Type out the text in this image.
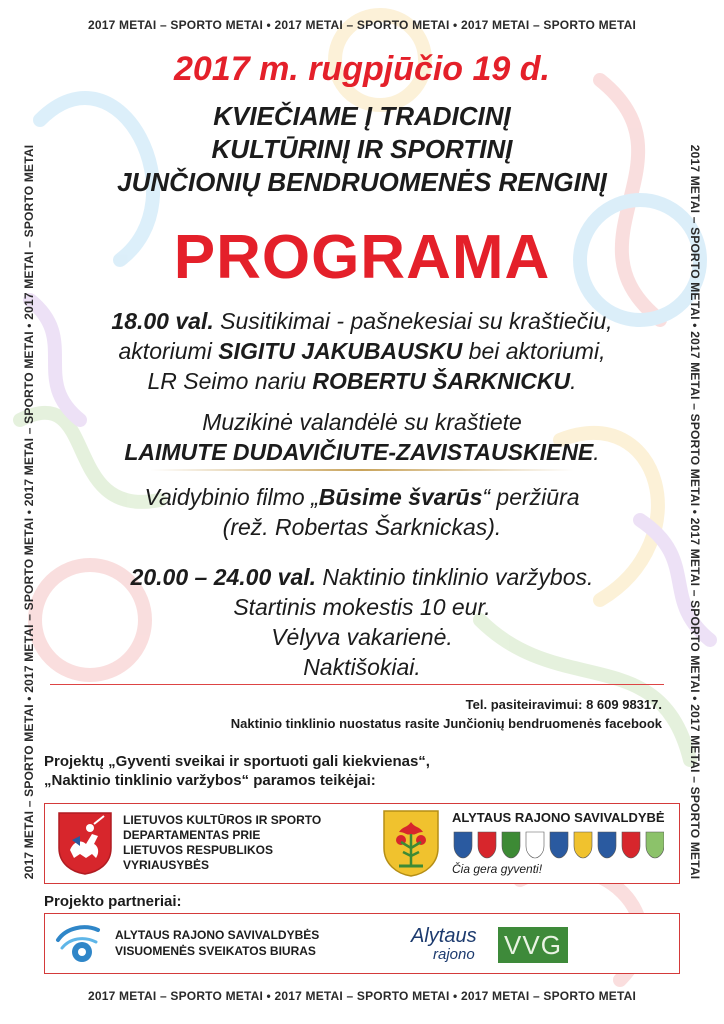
2017 METAI – SPORTO METAI • 2017 METAI – SPORTO METAI • 2017 METAI – SPORTO METAI
2017 METAI – SPORTO METAI • 2017 METAI – SPORTO METAI • 2017 METAI – SPORTO METAI
2017 METAI – SPORTO METAI • 2017 METAI – SPORTO METAI • 2017 METAI – SPORTO METAI • 2017 METAI – SPORTO METAI	2017 METAI – SPORTO METAI • 2017 METAI – SPORTO METAI • 2017 METAI – SPORTO METAI • 2017 METAI – SPORTO METAI
2017 m. rugpjūčio 19 d.
KVIEČIAME Į TRADICINĮ
KULTŪRINĮ IR SPORTINĮ
JUNČIONIŲ BENDRUOMENĖS RENGINĮ
PROGRAMA
18.00 val. Susitikimai - pašnekesiai su kraštiečiu,
aktoriumi SIGITU JAKUBAUSKU bei aktoriumi,
LR Seimo nariu ROBERTU ŠARKNICKU.
Muzikinė valandėlė su kraštiete
LAIMUTE DUDAVIČIUTE-ZAVISTAUSKIENE.
Vaidybinio filmo „Būsime švarūs“ peržiūra
(rež. Robertas Šarknickas).
20.00 – 24.00 val. Naktinio tinklinio varžybos.
Startinis mokestis 10 eur.
Vėlyva vakarienė.
Naktišokiai.
Tel. pasiteiravimui: 8 609 98317.
Naktinio tinklinio nuostatus rasite Junčionių bendruomenės facebook
Projektų „Gyventi sveikai ir sportuoti gali kiekvienas“,
„Naktinio tinklinio varžybos“ paramos teikėjai:
LIETUVOS KULTŪROS IR SPORTO
DEPARTAMENTAS PRIE
LIETUVOS RESPUBLIKOS
VYRIAUSYBĖS
ALYTAUS RAJONO SAVIVALDYBĖ
Čia gera gyventi!
Projekto partneriai:
ALYTAUS RAJONO SAVIVALDYBĖS
VISUOMENĖS SVEIKATOS BIURAS
Alytaus
rajono VVG
